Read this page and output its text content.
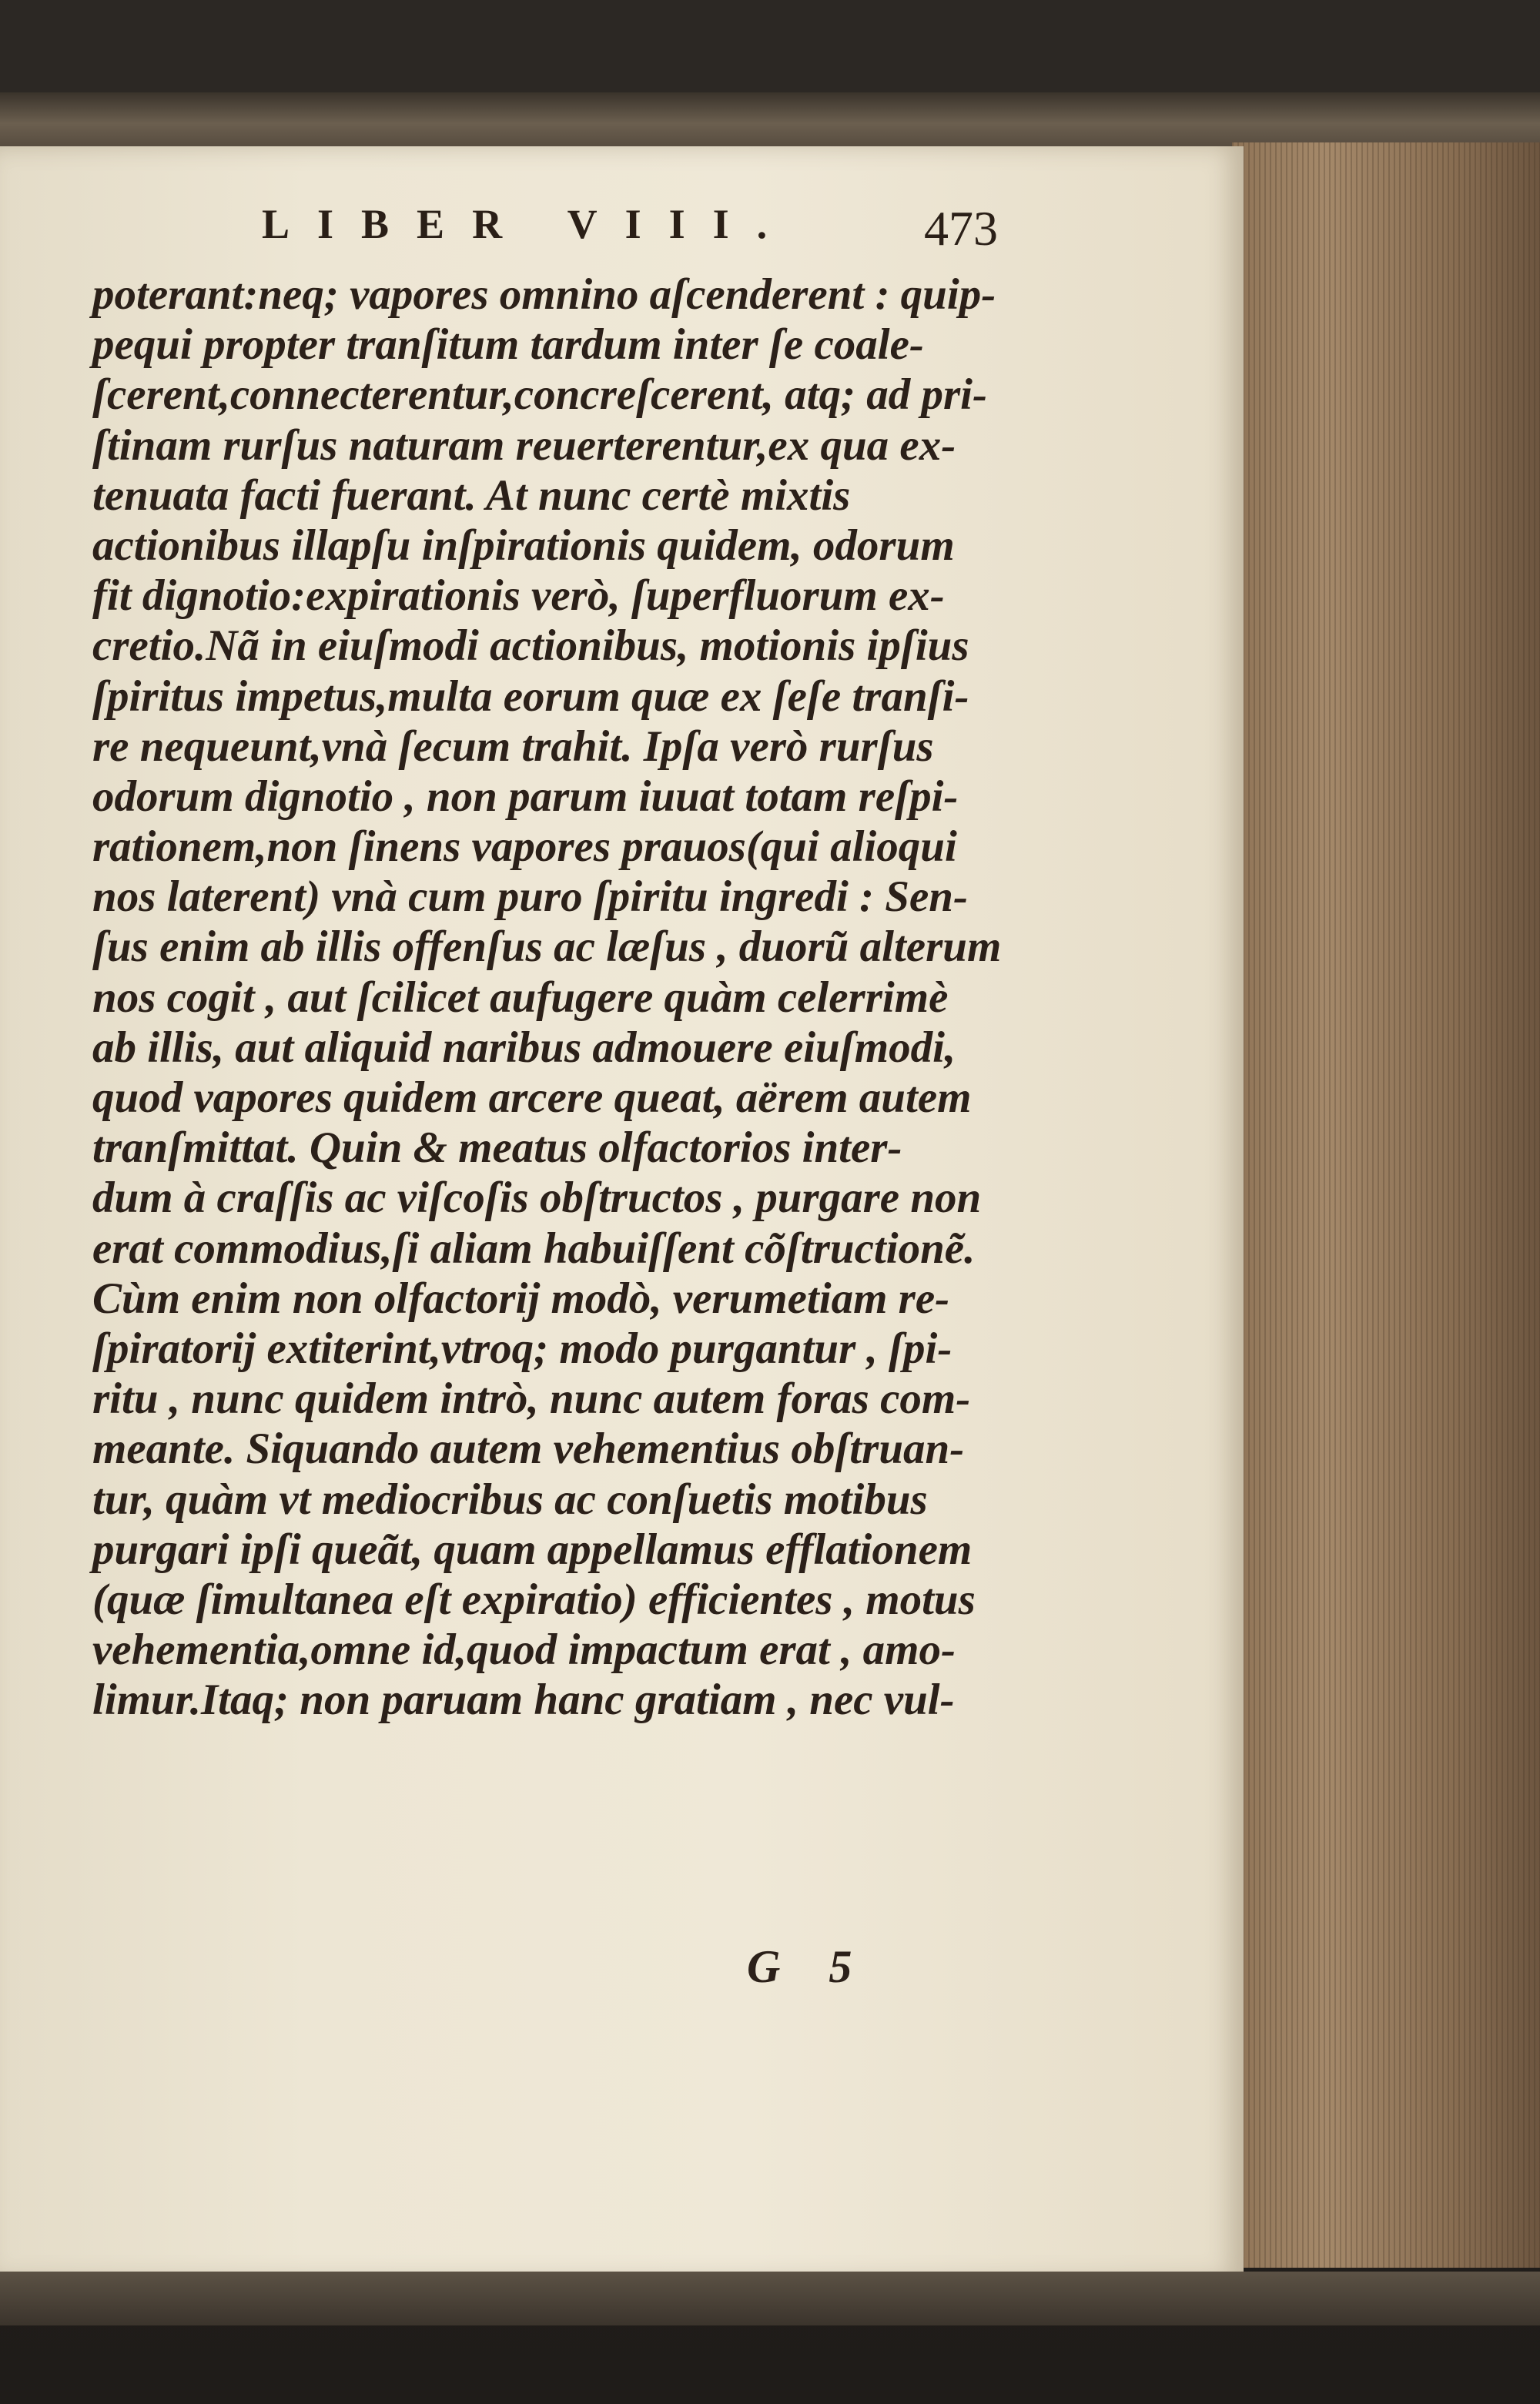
LIBER VIII.	473
poterant:neq; vapores omnino aſcenderent : quip-
pequi propter tranſitum tardum inter ſe coale-
ſcerent,connecterentur,concreſcerent, atq; ad pri-
ſtinam rurſus naturam reuerterentur,ex qua ex-
tenuata facti fuerant. At nunc certè mixtis
actionibus illapſu inſpirationis quidem, odorum
fit dignotio:expirationis verò, ſuperfluorum ex-
cretio.Nã in eiuſmodi actionibus, motionis ipſius
ſpiritus impetus,multa eorum quæ ex ſeſe tranſi-
re nequeunt,vnà ſecum trahit. Ipſa verò rurſus
odorum dignotio , non parum iuuat totam reſpi-
rationem,non ſinens vapores prauos(qui alioqui
nos laterent) vnà cum puro ſpiritu ingredi : Sen-
ſus enim ab illis offenſus ac læſus , duorũ alterum
nos cogit , aut ſcilicet aufugere quàm celerrimè
ab illis, aut aliquid naribus admouere eiuſmodi,
quod vapores quidem arcere queat, aërem autem
tranſmittat. Quin & meatus olfactorios inter-
dum à craſſis ac viſcoſis obſtructos , purgare non
erat commodius,ſi aliam habuiſſent cõſtructionẽ.
Cùm enim non olfactorij modò, verumetiam re-
ſpiratorij extiterint,vtroq; modo purgantur , ſpi-
ritu , nunc quidem intrò, nunc autem foras com-
meante. Siquando autem vehementius obſtruan-
tur, quàm vt mediocribus ac conſuetis motibus
purgari ipſi queãt, quam appellamus efflationem
(quæ ſimultanea eſt expiratio) efficientes , motus
vehementia,omne id,quod impactum erat , amo-
limur.Itaq; non paruam hanc gratiam , nec vul-
G 5
